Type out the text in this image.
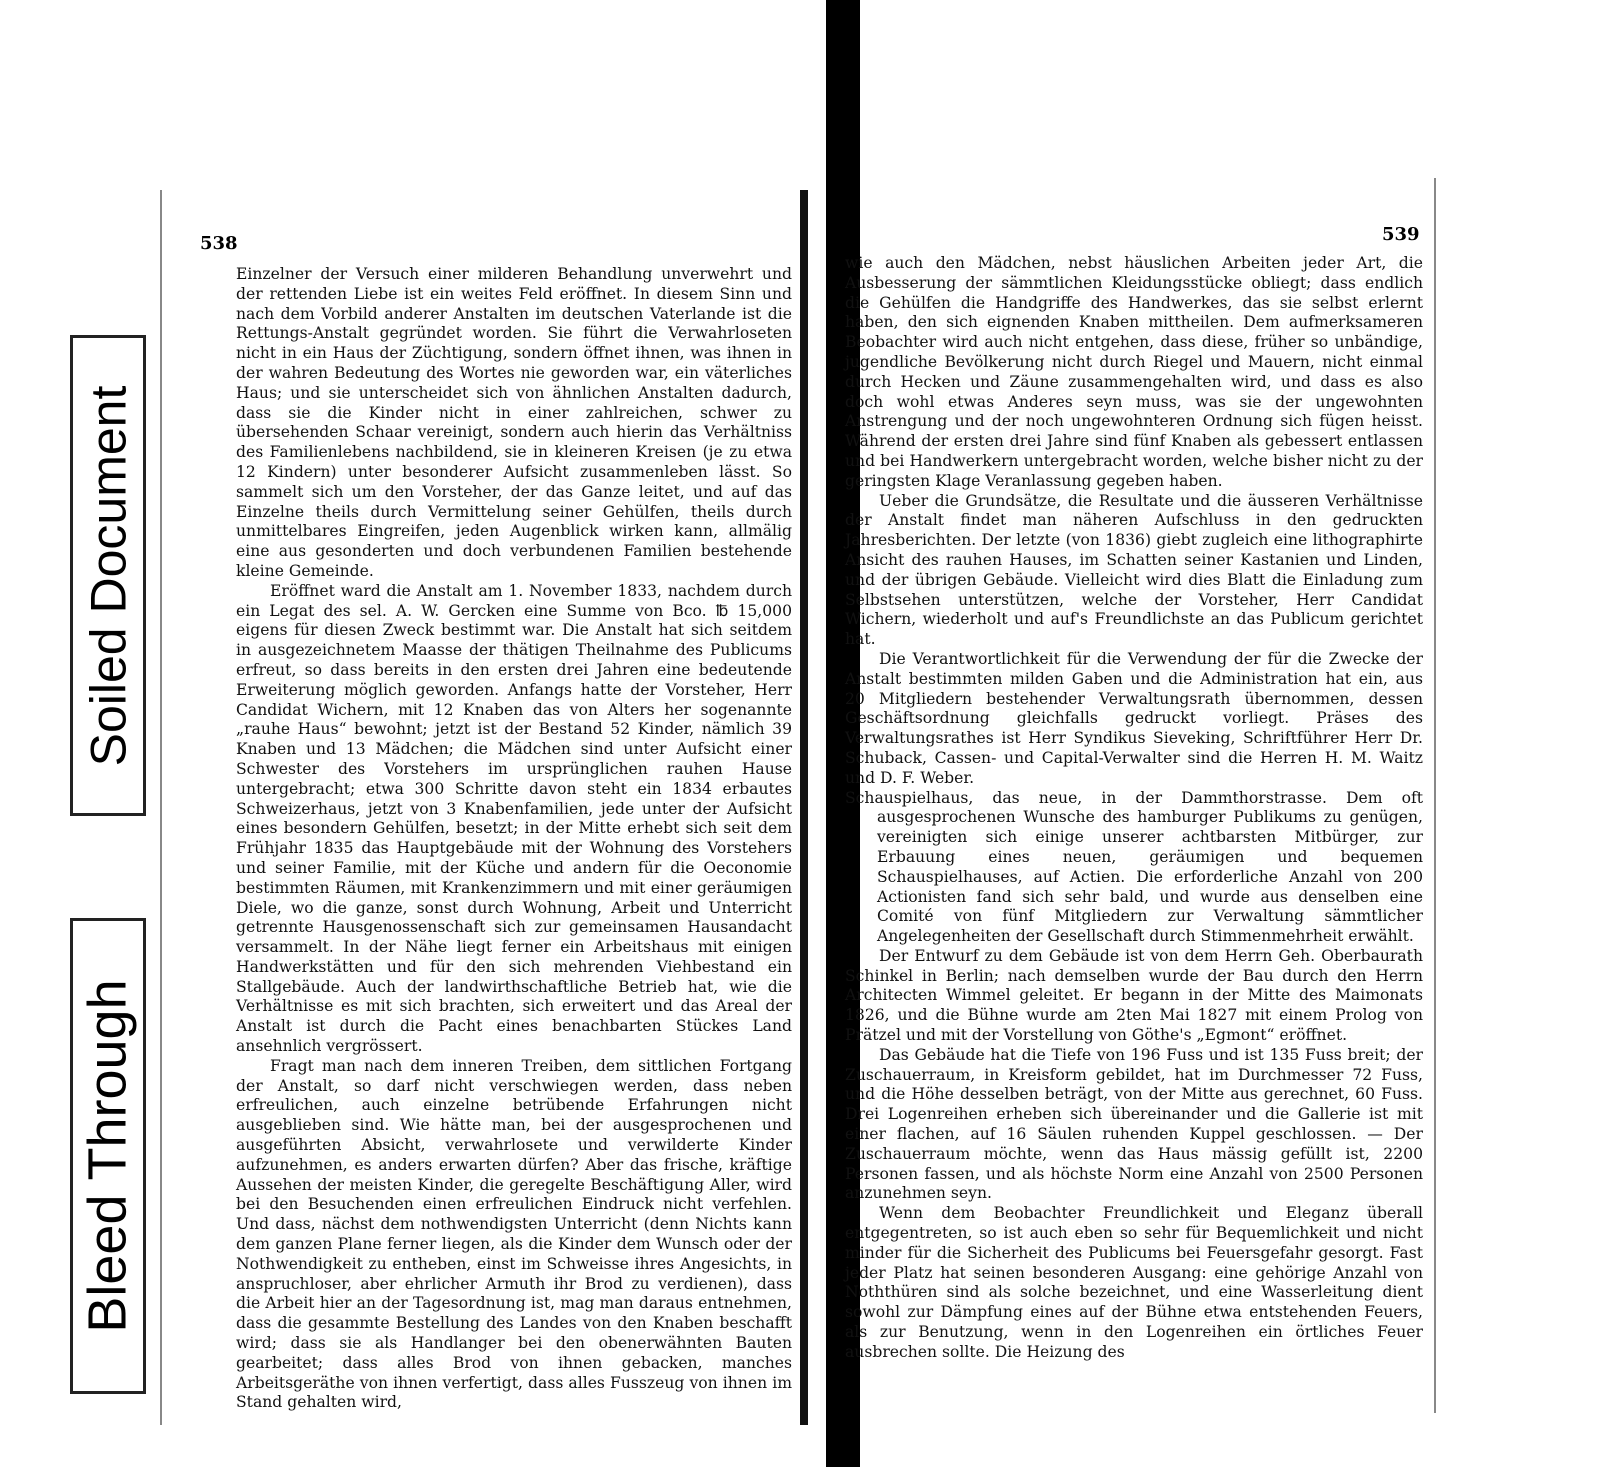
Soiled Document
Bleed Through
538	539

Einzelner der Versuch einer milderen Behandlung unverwehrt und der rettenden Liebe ist ein weites Feld eröffnet. In diesem Sinn und nach dem Vorbild anderer Anstalten im deutschen Vaterlande ist die Rettungs-Anstalt gegründet worden. Sie führt die Verwahrloseten nicht in ein Haus der Züchtigung, sondern öffnet ihnen, was ihnen in der wahren Bedeutung des Wortes nie geworden war, ein väterliches Haus; und sie unterscheidet sich von ähnlichen Anstalten dadurch, dass sie die Kinder nicht in einer zahlreichen, schwer zu übersehenden Schaar vereinigt, sondern auch hierin das Verhältniss des Familienlebens nachbildend, sie in kleineren Kreisen (je zu etwa 12 Kindern) unter besonderer Aufsicht zusammenleben lässt. So sammelt sich um den Vorsteher, der das Ganze leitet, und auf das Einzelne theils durch Vermittelung seiner Gehülfen, theils durch unmittelbares Eingreifen, jeden Augenblick wirken kann, allmälig eine aus gesonderten und doch verbundenen Familien bestehende kleine Gemeinde.

Eröffnet ward die Anstalt am 1. November 1833, nachdem durch ein Legat des sel. A. W. Gercken eine Summe von Bco. ℔ 15,000 eigens für diesen Zweck bestimmt war. Die Anstalt hat sich seitdem in ausgezeichnetem Maasse der thätigen Theilnahme des Publicums erfreut, so dass bereits in den ersten drei Jahren eine bedeutende Erweiterung möglich geworden. Anfangs hatte der Vorsteher, Herr Candidat Wichern, mit 12 Knaben das von Alters her sogenannte „rauhe Haus“ bewohnt; jetzt ist der Bestand 52 Kinder, nämlich 39 Knaben und 13 Mädchen; die Mädchen sind unter Aufsicht einer Schwester des Vorstehers im ursprünglichen rauhen Hause untergebracht; etwa 300 Schritte davon steht ein 1834 erbautes Schweizerhaus, jetzt von 3 Knabenfamilien, jede unter der Aufsicht eines besondern Gehülfen, besetzt; in der Mitte erhebt sich seit dem Frühjahr 1835 das Hauptgebäude mit der Wohnung des Vorstehers und seiner Familie, mit der Küche und andern für die Oeconomie bestimmten Räumen, mit Krankenzimmern und mit einer geräumigen Diele, wo die ganze, sonst durch Wohnung, Arbeit und Unterricht getrennte Hausgenossenschaft sich zur gemeinsamen Hausandacht versammelt. In der Nähe liegt ferner ein Arbeitshaus mit einigen Handwerkstätten und für den sich mehrenden Viehbestand ein Stallgebäude. Auch der landwirthschaftliche Betrieb hat, wie die Verhältnisse es mit sich brachten, sich erweitert und das Areal der Anstalt ist durch die Pacht eines benachbarten Stückes Land ansehnlich vergrössert.

Fragt man nach dem inneren Treiben, dem sittlichen Fortgang der Anstalt, so darf nicht verschwiegen werden, dass neben erfreulichen, auch einzelne betrübende Erfahrungen nicht ausgeblieben sind. Wie hätte man, bei der ausgesprochenen und ausgeführten Absicht, verwahrlosete und verwilderte Kinder aufzunehmen, es anders erwarten dürfen? Aber das frische, kräftige Aussehen der meisten Kinder, die geregelte Beschäftigung Aller, wird bei den Besuchenden einen erfreulichen Eindruck nicht verfehlen. Und dass, nächst dem nothwendigsten Unterricht (denn Nichts kann dem ganzen Plane ferner liegen, als die Kinder dem Wunsch oder der Nothwendigkeit zu entheben, einst im Schweisse ihres Angesichts, in anspruchloser, aber ehrlicher Armuth ihr Brod zu verdienen), dass die Arbeit hier an der Tagesordnung ist, mag man daraus entnehmen, dass die gesammte Bestellung des Landes von den Knaben beschafft wird; dass sie als Handlanger bei den obenerwähnten Bauten gearbeitet; dass alles Brod von ihnen gebacken, manches Arbeitsgeräthe von ihnen verfertigt, dass alles Fusszeug von ihnen im Stand gehalten wird,

wie auch den Mädchen, nebst häuslichen Arbeiten jeder Art, die Ausbesserung der sämmtlichen Kleidungsstücke obliegt; dass endlich die Gehülfen die Handgriffe des Handwerkes, das sie selbst erlernt haben, den sich eignenden Knaben mittheilen. Dem aufmerksameren Beobachter wird auch nicht entgehen, dass diese, früher so unbändige, jugendliche Bevölkerung nicht durch Riegel und Mauern, nicht einmal durch Hecken und Zäune zusammengehalten wird, und dass es also doch wohl etwas Anderes seyn muss, was sie der ungewohnten Anstrengung und der noch ungewohnteren Ordnung sich fügen heisst. Während der ersten drei Jahre sind fünf Knaben als gebessert entlassen und bei Handwerkern untergebracht worden, welche bisher nicht zu der geringsten Klage Veranlassung gegeben haben.

Ueber die Grundsätze, die Resultate und die äusseren Verhältnisse der Anstalt findet man näheren Aufschluss in den gedruckten Jahresberichten. Der letzte (von 1836) giebt zugleich eine lithographirte Ansicht des rauhen Hauses, im Schatten seiner Kastanien und Linden, und der übrigen Gebäude. Vielleicht wird dies Blatt die Einladung zum Selbstsehen unterstützen, welche der Vorsteher, Herr Candidat Wichern, wiederholt und auf's Freundlichste an das Publicum gerichtet hat.

Die Verantwortlichkeit für die Verwendung der für die Zwecke der Anstalt bestimmten milden Gaben und die Administration hat ein, aus 20 Mitgliedern bestehender Verwaltungsrath übernommen, dessen Geschäftsordnung gleichfalls gedruckt vorliegt. Präses des Verwaltungsrathes ist Herr Syndikus Sieveking, Schriftführer Herr Dr. Schuback, Cassen- und Capital-Verwalter sind die Herren H. M. Waitz und D. F. Weber.

Schauspielhaus, das neue, in der Dammthorstrasse. Dem oft ausgesprochenen Wunsche des hamburger Publikums zu genügen, vereinigten sich einige unserer achtbarsten Mitbürger, zur Erbauung eines neuen, geräumigen und bequemen Schauspielhauses, auf Actien. Die erforderliche Anzahl von 200 Actionisten fand sich sehr bald, und wurde aus denselben eine Comité von fünf Mitgliedern zur Verwaltung sämmtlicher Angelegenheiten der Gesellschaft durch Stimmenmehrheit erwählt.

Der Entwurf zu dem Gebäude ist von dem Herrn Geh. Oberbaurath Schinkel in Berlin; nach demselben wurde der Bau durch den Herrn Architecten Wimmel geleitet. Er begann in der Mitte des Maimonats 1826, und die Bühne wurde am 2ten Mai 1827 mit einem Prolog von Prätzel und mit der Vorstellung von Göthe's „Egmont“ eröffnet.

Das Gebäude hat die Tiefe von 196 Fuss und ist 135 Fuss breit; der Zuschauerraum, in Kreisform gebildet, hat im Durchmesser 72 Fuss, und die Höhe desselben beträgt, von der Mitte aus gerechnet, 60 Fuss. Drei Logenreihen erheben sich übereinander und die Gallerie ist mit einer flachen, auf 16 Säulen ruhenden Kuppel geschlossen. — Der Zuschauerraum möchte, wenn das Haus mässig gefüllt ist, 2200 Personen fassen, und als höchste Norm eine Anzahl von 2500 Personen anzunehmen seyn.

Wenn dem Beobachter Freundlichkeit und Eleganz überall entgegentreten, so ist auch eben so sehr für Bequemlichkeit und nicht minder für die Sicherheit des Publicums bei Feuersgefahr gesorgt. Fast jeder Platz hat seinen besonderen Ausgang: eine gehörige Anzahl von Noththüren sind als solche bezeichnet, und eine Wasserleitung dient sowohl zur Dämpfung eines auf der Bühne etwa entstehenden Feuers, als zur Benutzung, wenn in den Logenreihen ein örtliches Feuer ausbrechen sollte. Die Heizung des
